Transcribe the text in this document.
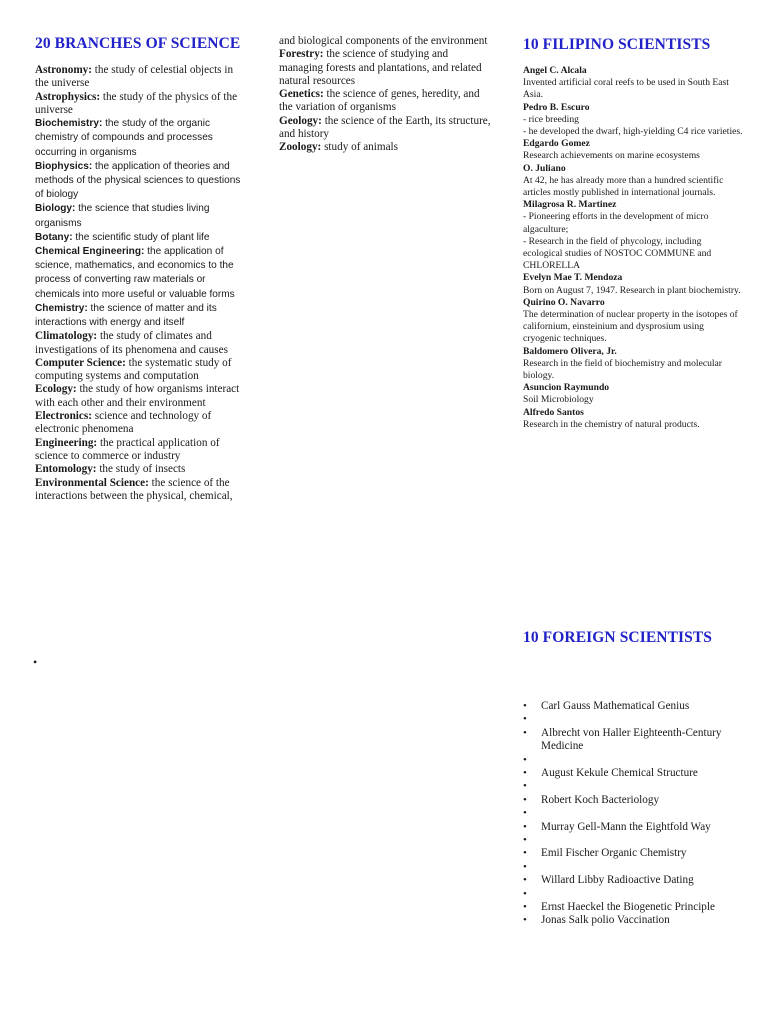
20 BRANCHES OF SCIENCE

Astronomy: the study of celestial objects in the universe

Astrophysics: the study of the physics of the universe

Biochemistry: the study of the organic chemistry of compounds and processes occurring in organisms

Biophysics: the application of theories and methods of the physical sciences to questions of biology

Biology: the science that studies living organisms

Botany: the scientific study of plant life

Chemical Engineering: the application of science, mathematics, and economics to the process of converting raw materials or chemicals into more useful or valuable forms

Chemistry: the science of matter and its interactions with energy and itself

Climatology: the study of climates and investigations of its phenomena and causes

Computer Science: the systematic study of computing systems and computation

Ecology: the study of how organisms interact with each other and their environment

Electronics: science and technology of electronic phenomena

Engineering: the practical application of science to commerce or industry

Entomology: the study of insects

Environmental Science: the science of the interactions between the physical, chemical,

and biological components of the environment

Forestry: the science of studying and managing forests and plantations, and related natural resources

Genetics: the science of genes, heredity, and the variation of organisms

Geology: the science of the Earth, its structure, and history

Zoology: study of animals

10 FILIPINO SCIENTISTS

Angel C. Alcala

Invented artificial coral reefs to be used in South East Asia.

Pedro B. Escuro

- rice breeding

- he developed the dwarf, high-yielding C4 rice varieties.

Edgardo Gomez

Research achievements on marine ecosystems

O. Juliano

At 42, he has already more than a hundred scientific articles mostly published in international journals.

Milagrosa R. Martinez

- Pioneering efforts in the development of micro algaculture;

- Research in the field of phycology, including ecological studies of NOSTOC COMMUNE and CHLORELLA

Evelyn Mae T. Mendoza

Born on August 7, 1947. Research in plant biochemistry.

Quirino O. Navarro

The determination of nuclear property in the isotopes of californium, einsteinium and dysprosium using cryogenic techniques.

Baldomero Olivera, Jr.

Research in the field of biochemistry and molecular biology.

Asuncion Raymundo

Soil Microbiology

Alfredo Santos

Research in the chemistry of natural products.

•
10 FOREIGN SCIENTISTS
• Carl Gauss Mathematical Genius
•
• Albrecht von Haller Eighteenth-Century Medicine
•
• August Kekule Chemical Structure
•
• Robert Koch Bacteriology
•
• Murray Gell-Mann the Eightfold Way
•
• Emil Fischer Organic Chemistry
•
• Willard Libby Radioactive Dating
•
• Ernst Haeckel the Biogenetic Principle
• Jonas Salk polio Vaccination
